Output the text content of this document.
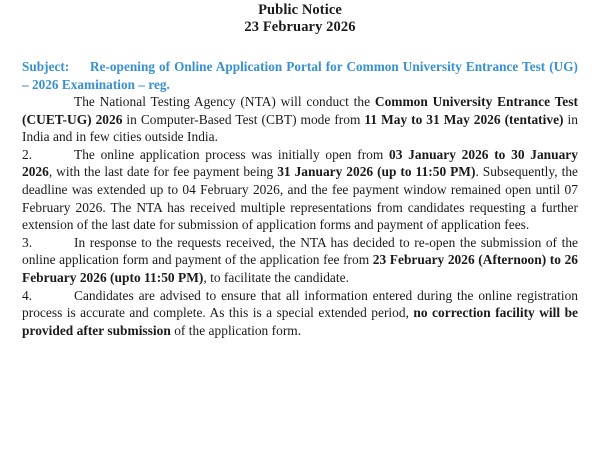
Public Notice
23 February 2026
Subject: Re-opening of Online Application Portal for Common University Entrance Test (UG) – 2026 Examination – reg.

The National Testing Agency (NTA) will conduct the Common University Entrance Test (CUET-UG) 2026 in Computer-Based Test (CBT) mode from 11 May to 31 May 2026 (tentative) in India and in few cities outside India.

2.	The online application process was initially open from 03 January 2026 to 30 January 2026, with the last date for fee payment being 31 January 2026 (up to 11:50 PM). Subsequently, the deadline was extended up to 04 February 2026, and the fee payment window remained open until 07 February 2026. The NTA has received multiple representations from candidates requesting a further extension of the last date for submission of application forms and payment of application fees.

3.	In response to the requests received, the NTA has decided to re-open the submission of the online application form and payment of the application fee from 23 February 2026 (Afternoon) to 26 February 2026 (upto 11:50 PM), to facilitate the candidate.

4.	Candidates are advised to ensure that all information entered during the online registration process is accurate and complete. As this is a special extended period, no correction facility will be provided after submission of the application form.
